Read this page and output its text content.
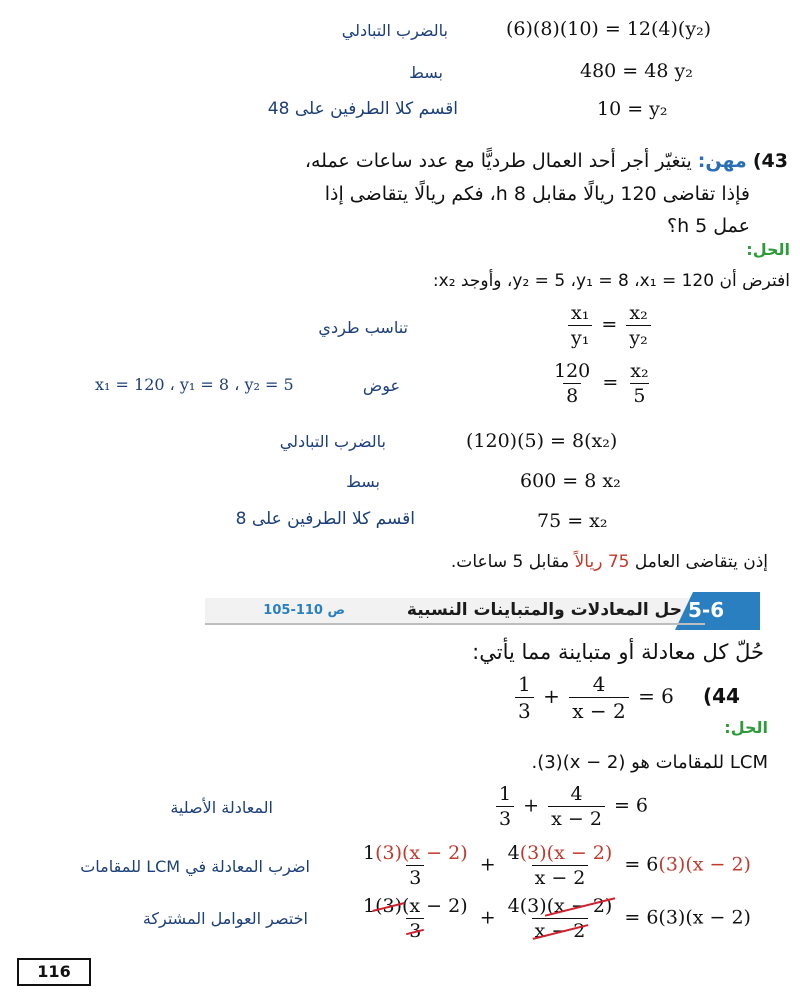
(6)(8)(10) = 12(4)(y₂)
بالضرب التبادلي
480 = 48 y₂
بسط
10 = y₂
اقسم كلا الطرفين على 48
43) مهن: يتغيّر أجر أحد العمال طرديًّا مع عدد ساعات عمله،
فإذا تقاضى 120 ريالًا مقابل 8 h، فكم ريالًا يتقاضى إذا
عمل 5 h؟
الحل:
افترض أن y₂ = 5 ،y₁ = 8 ،x₁ = 120، وأوجد x₂:
$\frac{\text{x₁}}{\text{y₁}} = \frac{\text{x₂}}{\text{y₂}}$
تناسب طردي
$\frac{120}{8} = \frac{\text{x₂}}{5}$
عوض
x₁ = 120 ، y₁ = 8 ، y₂ = 5
(120)(5) = 8(x₂)
بالضرب التبادلي
600 = 8 x₂
بسط
75 = x₂
اقسم كلا الطرفين على 8
إذن يتقاضى العامل 75 ريالاً مقابل 5 ساعات.
5-6
حل المعادلات والمتباينات النسبية
ص 110-105
حُلّ كل معادلة أو متباينة مما يأتي:
$\frac{1}{3} + \frac{4}{x - 2} = 6$ (44
الحل:
LCM للمقامات هو (x − 2)(3).
$\frac{1}{3} + \frac{4}{x - 2} = 6$
المعادلة الأصلية
$\frac{1(3)(x - 2)}{3} + \frac{4(3)(x - 2)}{x - 2} = 6(3)(x - 2)$
اضرب المعادلة في LCM للمقامات
$\frac{1(3)(x - 2)}{3} + \frac{4(3)(x - 2)}{x - 2} = 6(3)(x - 2)$
اختصر العوامل المشتركة
116
